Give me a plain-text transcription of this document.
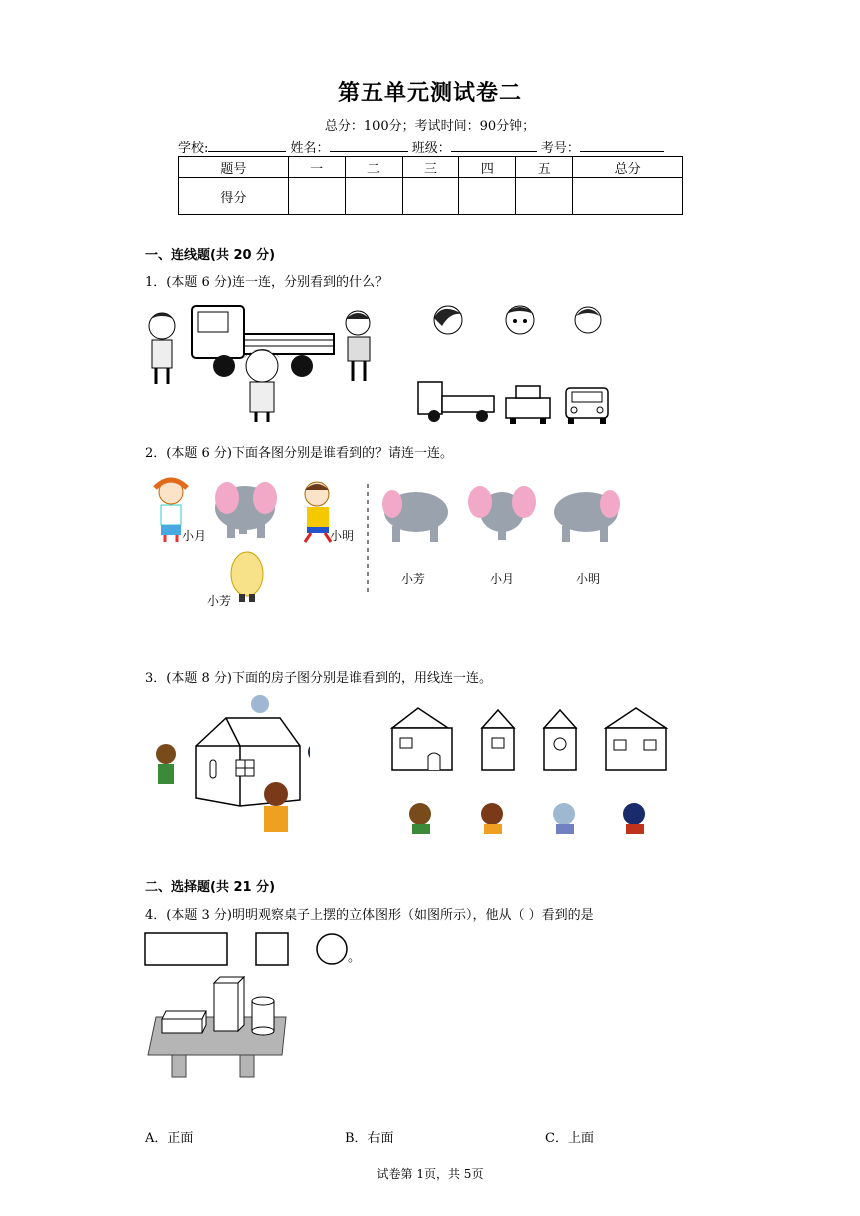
第五单元测试卷二
总分：100分；考试时间：90分钟；
学校:	姓名：	班级：	考号：
题号	一	二	三	四	五	总分
得分						
一、连线题(共 20 分)
1．(本题 6 分)连一连，分别看到的什么？
2．(本题 6 分)下面各图分别是谁看到的？请连一连。
小月	小明
小芳
小芳	小月	小明
3．(本题 8 分)下面的房子图分别是谁看到的，用线连一连。
二、选择题(共 21 分)
4．(本题 3 分)明明观察桌子上摆的立体图形（如图所示），他从（ ）看到的是
。
A．正面	B．右面	C．上面
试卷第 1页，共 5页
